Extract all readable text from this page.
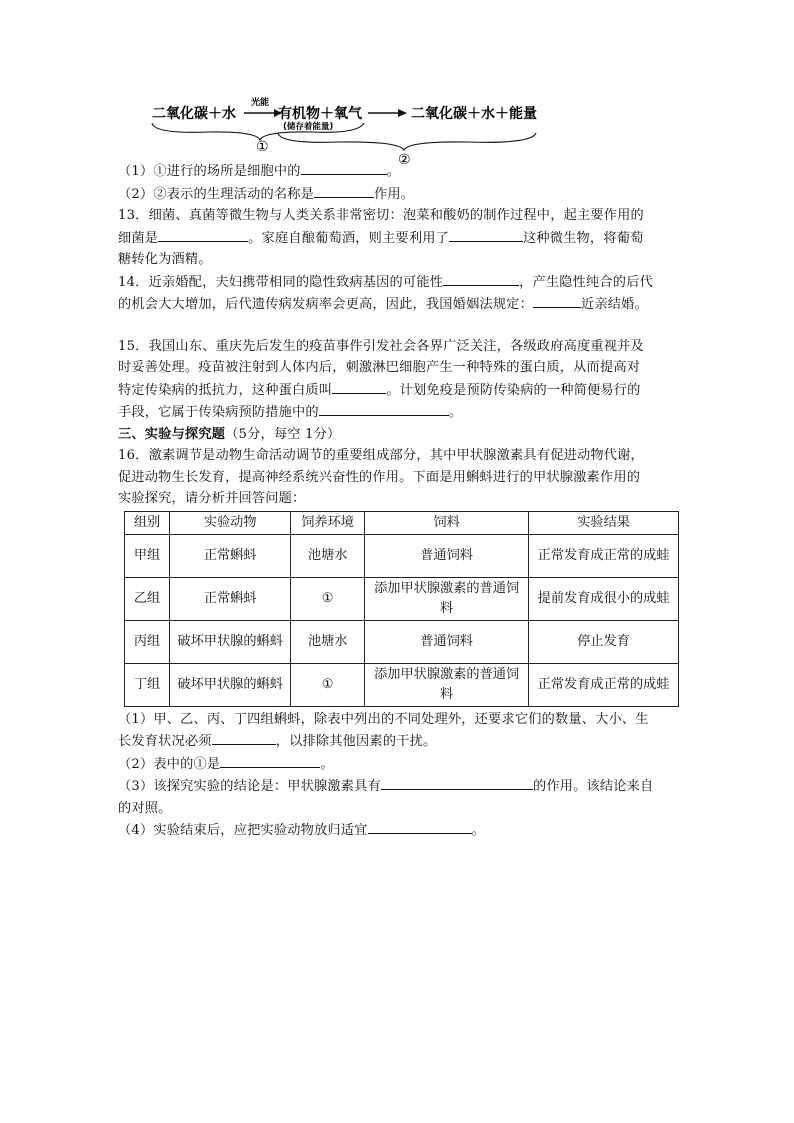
二氧化碳＋水
光能
有机物＋氧气
(储存着能量)
二氧化碳＋水＋能量
①
②

（1）①进行的场所是细胞中的	。

（2）②表示的生理活动的名称是	作用。

13．细菌、真菌等微生物与人类关系非常密切：泡菜和酸奶的制作过程中，起主要作用的

细菌是	。家庭自酿葡萄酒，则主要利用了	这种微生物，将葡萄

糖转化为酒精。

14．近亲婚配，夫妇携带相同的隐性致病基因的可能性	，产生隐性纯合的后代

的机会大大增加，后代遗传病发病率会更高，因此，我国婚姻法规定：	近亲结婚。

15．我国山东、重庆先后发生的疫苗事件引发社会各界广泛关注，各级政府高度重视并及

时妥善处理。疫苗被注射到人体内后，刺激淋巴细胞产生一种特殊的蛋白质，从而提高对

特定传染病的抵抗力，这种蛋白质叫	。计划免疫是预防传染病的一种简便易行的

手段，它属于传染病预防措施中的	。

三、实验与探究题（5分，每空 1分）

16．激素调节是动物生命活动调节的重要组成部分，其中甲状腺激素具有促进动物代谢，

促进动物生长发育，提高神经系统兴奋性的作用。下面是用蝌蚪进行的甲状腺激素作用的

实验探究，请分析并回答问题：

组别	实验动物	饲养环境	饲料	实验结果
甲组	正常蝌蚪	池塘水	普通饲料	正常发育成正常的成蛙
乙组	正常蝌蚪	①	添加甲状腺激素的普通饲料	提前发育成很小的成蛙
丙组	破坏甲状腺的蝌蚪	池塘水	普通饲料	停止发育
丁组	破坏甲状腺的蝌蚪	①	添加甲状腺激素的普通饲料	正常发育成正常的成蛙

（1）甲、乙、丙、丁四组蝌蚪，除表中列出的不同处理外，还要求它们的数量、大小、生

长发育状况必须	，以排除其他因素的干扰。

（2）表中的①是	。

（3）该探究实验的结论是：甲状腺激素具有	的作用。该结论来自

的对照。

（4）实验结束后，应把实验动物放归适宜	。
